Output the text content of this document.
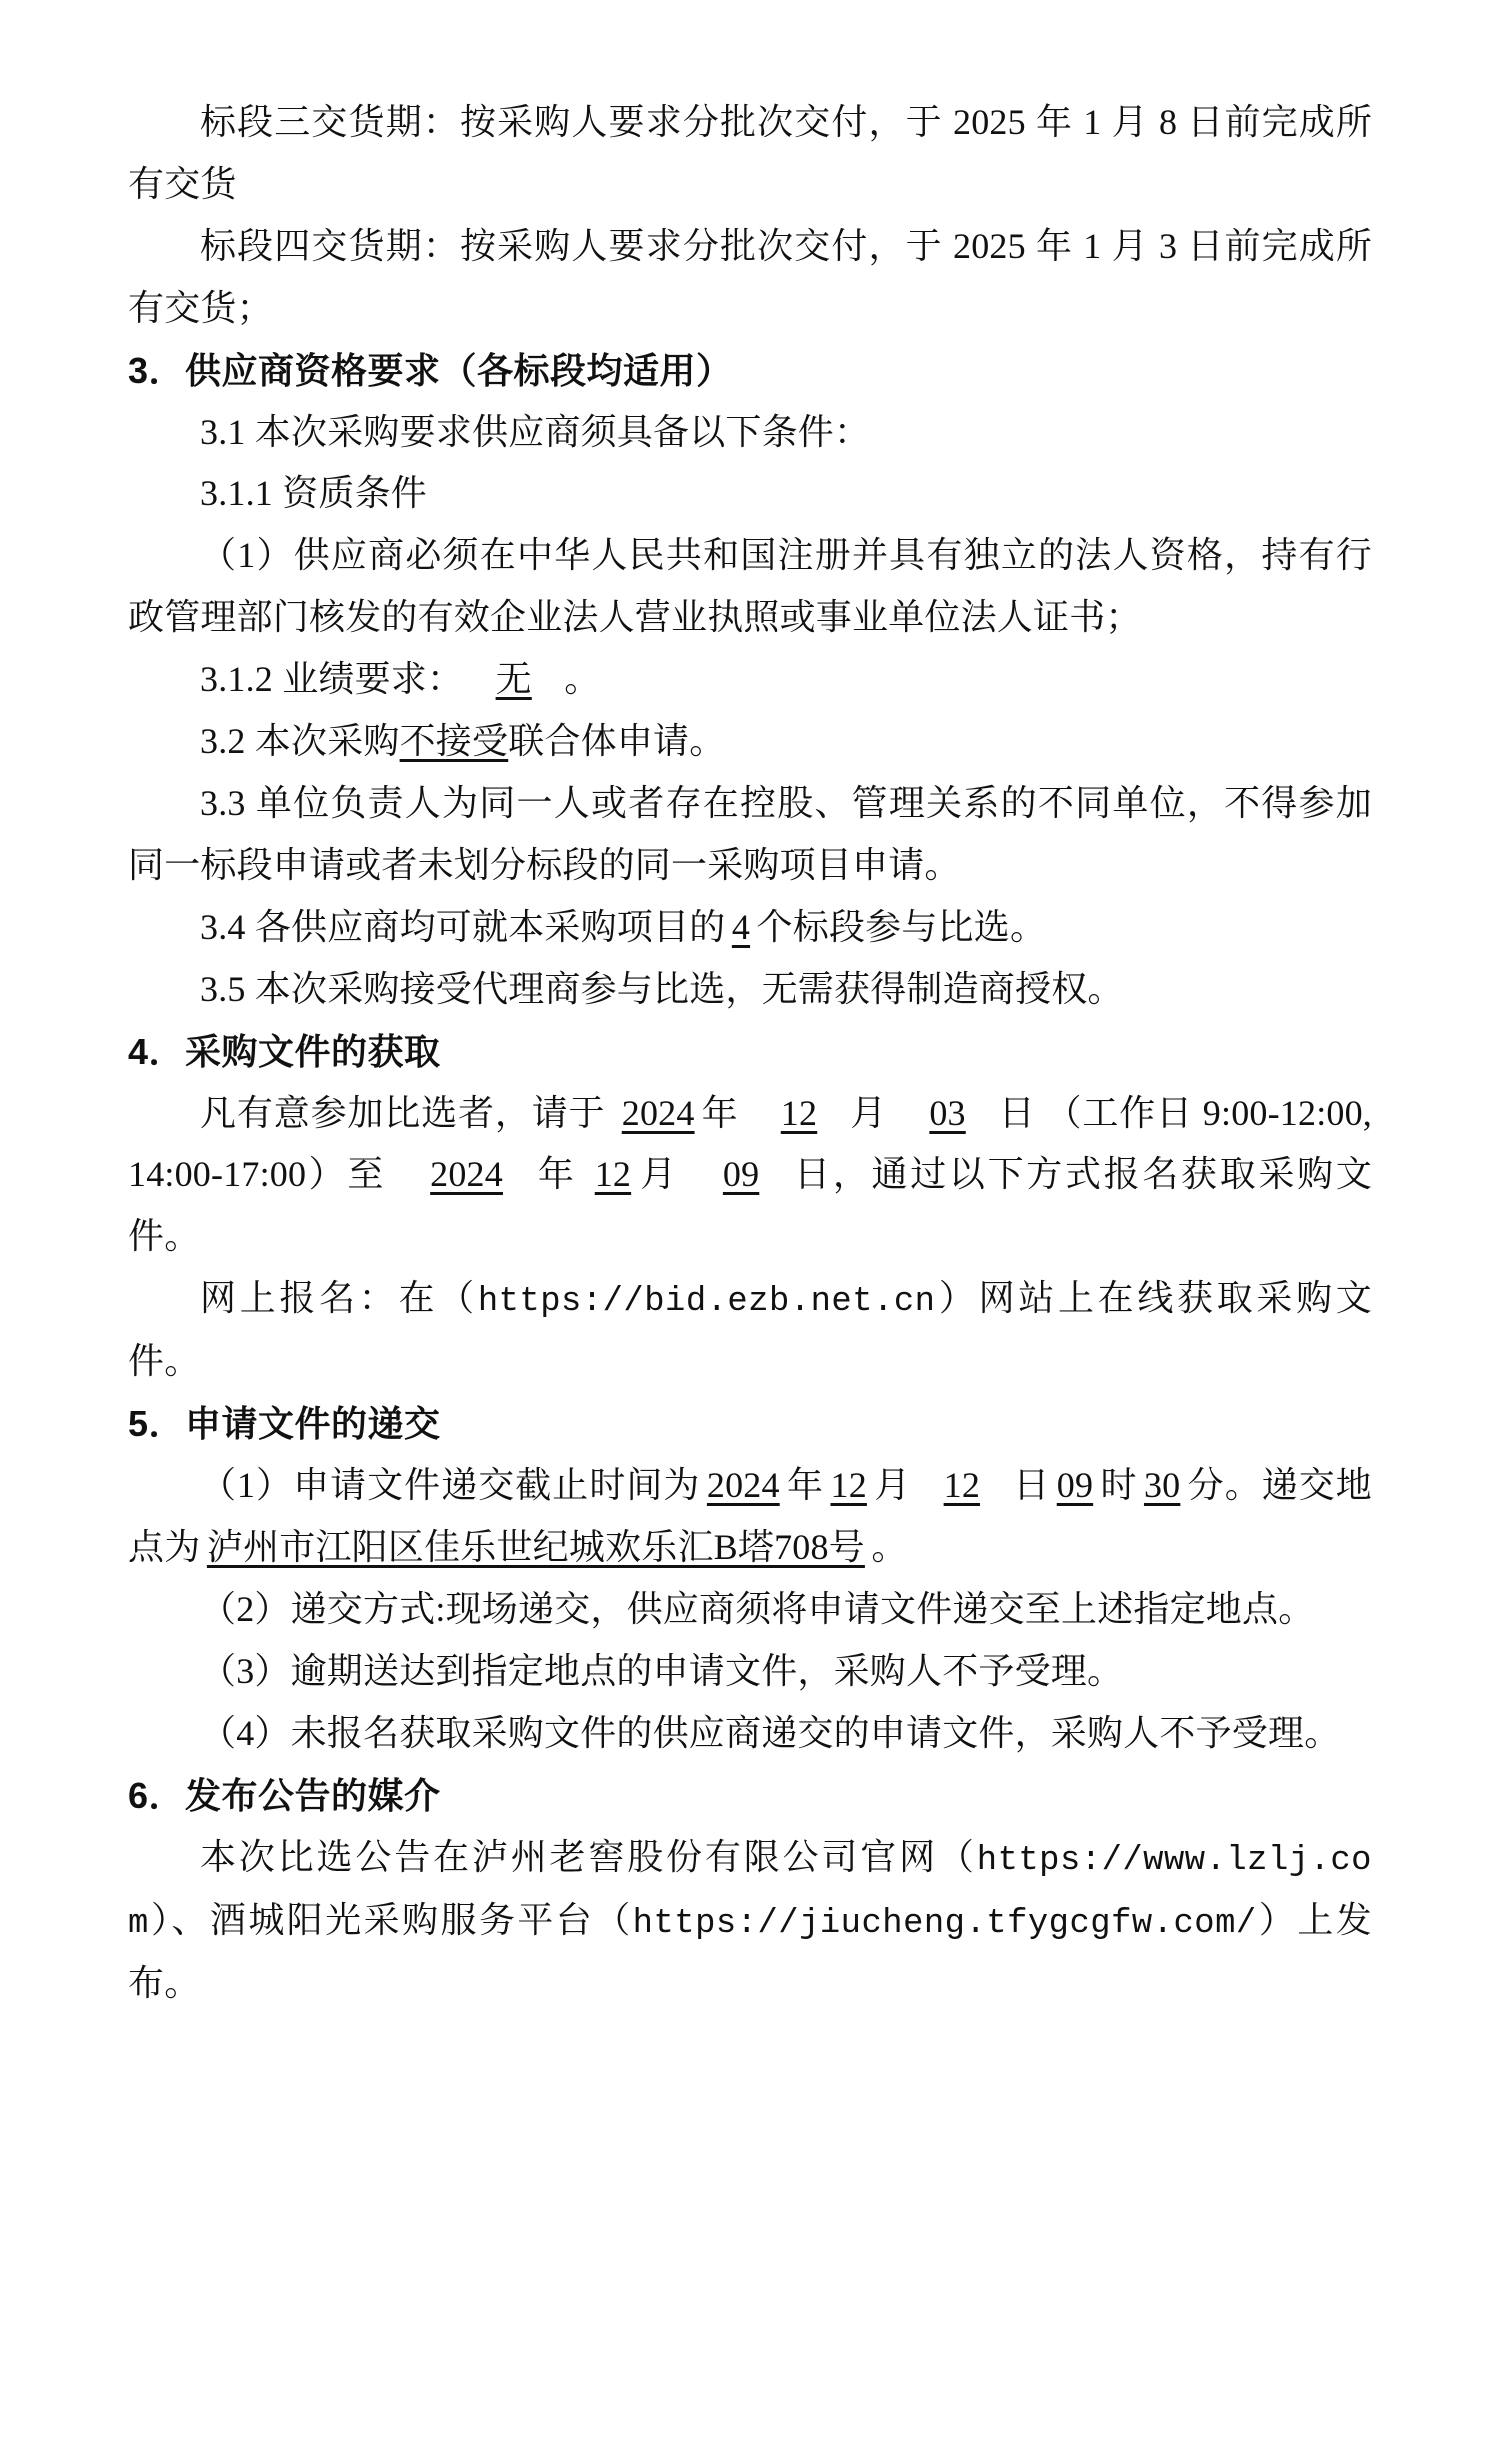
标段三交货期：按采购人要求分批次交付，于 2025 年 1 月 8 日前完成所有交货

标段四交货期：按采购人要求分批次交付，于 2025 年 1 月 3 日前完成所有交货；

3．供应商资格要求（各标段均适用）

3.1 本次采购要求供应商须具备以下条件：

3.1.1 资质条件

（1）供应商必须在中华人民共和国注册并具有独立的法人资格，持有行政管理部门核发的有效企业法人营业执照或事业单位法人证书；

3.1.2 业绩要求： 无 。

3.2 本次采购不接受联合体申请。

3.3 单位负责人为同一人或者存在控股、管理关系的不同单位，不得参加同一标段申请或者未划分标段的同一采购项目申请。

3.4 各供应商均可就本采购项目的 4 个标段参与比选。

3.5 本次采购接受代理商参与比选，无需获得制造商授权。

4．采购文件的获取

凡有意参加比选者，请于 2024 年 12 月 03 日 （工作日 9:00-12:00,14:00-17:00）至 2024 年 12 月 09 日，通过以下方式报名获取采购文件。

网上报名：在（https://bid.ezb.net.cn）网站上在线获取采购文件。

5．申请文件的递交

（1）申请文件递交截止时间为 2024 年 12 月 12 日 09 时 30 分。递交地点为 泸州市江阳区佳乐世纪城欢乐汇B塔708号 。

（2）递交方式:现场递交，供应商须将申请文件递交至上述指定地点。

（3）逾期送达到指定地点的申请文件，采购人不予受理。

（4）未报名获取采购文件的供应商递交的申请文件，采购人不予受理。

6．发布公告的媒介

本次比选公告在泸州老窖股份有限公司官网（https://www.lzlj.com）、酒城阳光采购服务平台（https://jiucheng.tfygcgfw.com/）上发布。
